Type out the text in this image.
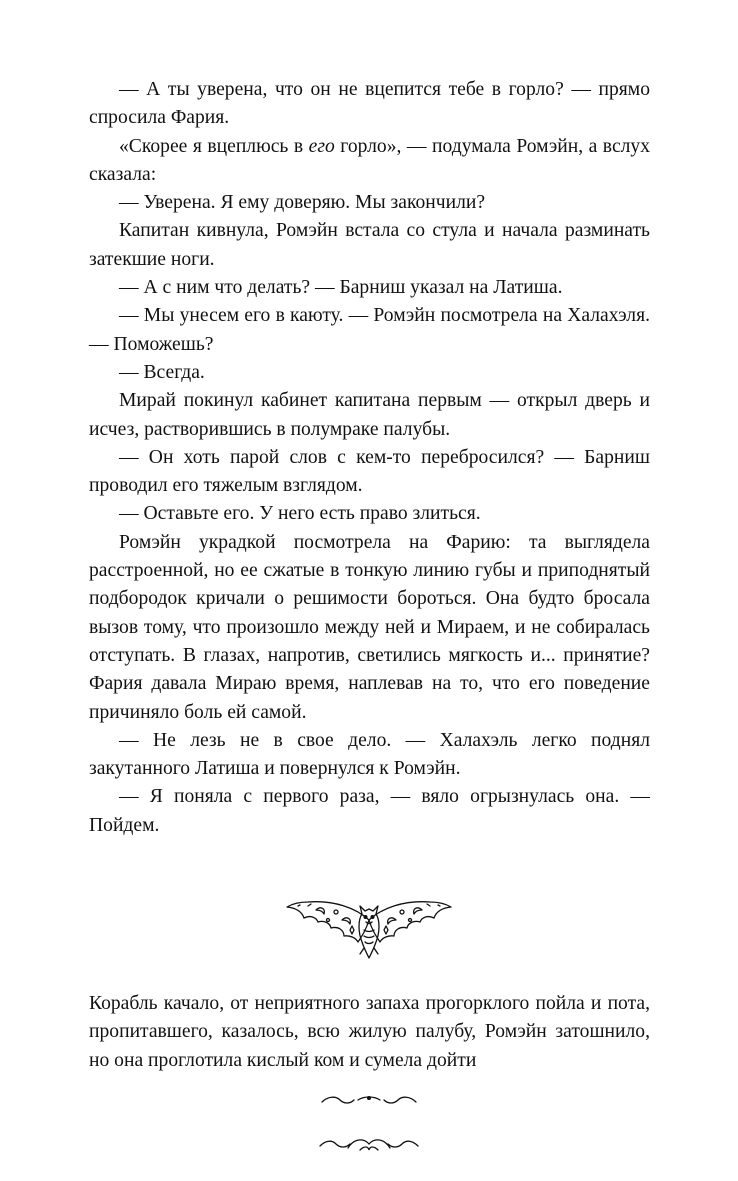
— А ты уверена, что он не вцепится тебе в горло? — прямо спросила Фария.

«Скорее я вцеплюсь в его горло», — подумала Ромэйн, а вслух сказала:

— Уверена. Я ему доверяю. Мы закончили?

Капитан кивнула, Ромэйн встала со стула и начала разминать затекшие ноги.

— А с ним что делать? — Барниш указал на Латиша.

— Мы унесем его в каюту. — Ромэйн посмотрела на Халахэля. — Поможешь?

— Всегда.

Мирай покинул кабинет капитана первым — открыл дверь и исчез, растворившись в полумраке палубы.

— Он хоть парой слов с кем-то перебросился? — Барниш проводил его тяжелым взглядом.

— Оставьте его. У него есть право злиться.

Ромэйн украдкой посмотрела на Фарию: та выглядела расстроенной, но ее сжатые в тонкую линию губы и приподнятый подбородок кричали о решимости бороться. Она будто бросала вызов тому, что произошло между ней и Мираем, и не собиралась отступать. В глазах, напротив, светились мягкость и... принятие? Фария давала Мираю время, наплевав на то, что его поведение причиняло боль ей самой.

— Не лезь не в свое дело. — Халахэль легко поднял закутанного Латиша и повернулся к Ромэйн.

— Я поняла с первого раза, — вяло огрызнулась она. — Пойдем.

Корабль качало, от неприятного запаха прогорклого пойла и пота, пропитавшего, казалось, всю жилую палубу, Ромэйн затошнило, но она проглотила кислый ком и сумела дойти
